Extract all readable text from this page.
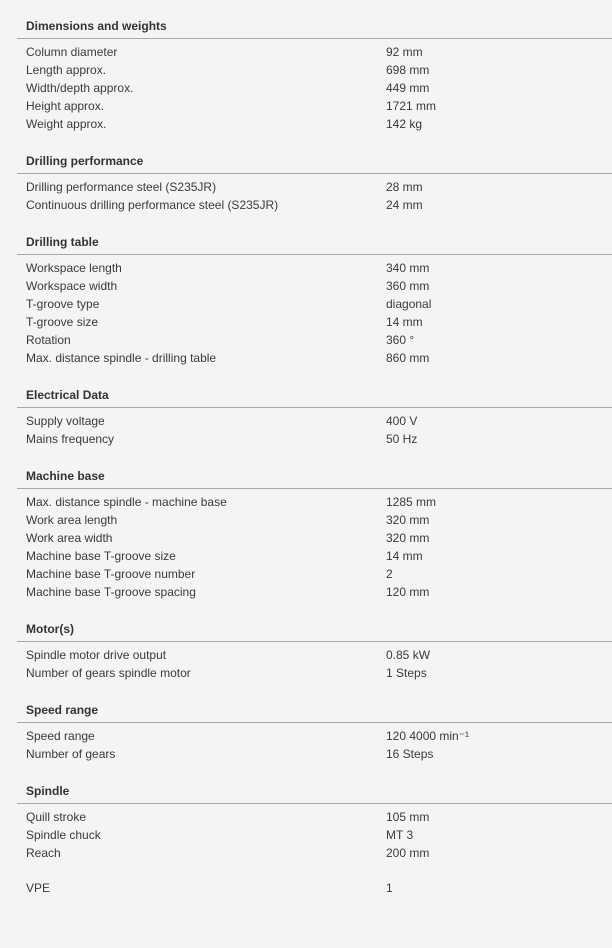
Dimensions and weights
Column diameter	92 mm
Length approx.	698 mm
Width/depth approx.	449 mm
Height approx.	1721 mm
Weight approx.	142 kg
Drilling performance
Drilling performance steel (S235JR)	28 mm
Continuous drilling performance steel (S235JR)	24 mm
Drilling table
Workspace length	340 mm
Workspace width	360 mm
T-groove type	diagonal
T-groove size	14 mm
Rotation	360 °
Max. distance spindle - drilling table	860 mm
Electrical Data
Supply voltage	400 V
Mains frequency	50 Hz
Machine base
Max. distance spindle - machine base	1285 mm
Work area length	320 mm
Work area width	320 mm
Machine base T-groove size	14 mm
Machine base T-groove number	2
Machine base T-groove spacing	120 mm
Motor(s)
Spindle motor drive output	0.85 kW
Number of gears spindle motor	1 Steps
Speed range
Speed range	120 4000 min⁻¹
Number of gears	16 Steps
Spindle
Quill stroke	105 mm
Spindle chuck	MT 3
Reach	200 mm
VPE	1
